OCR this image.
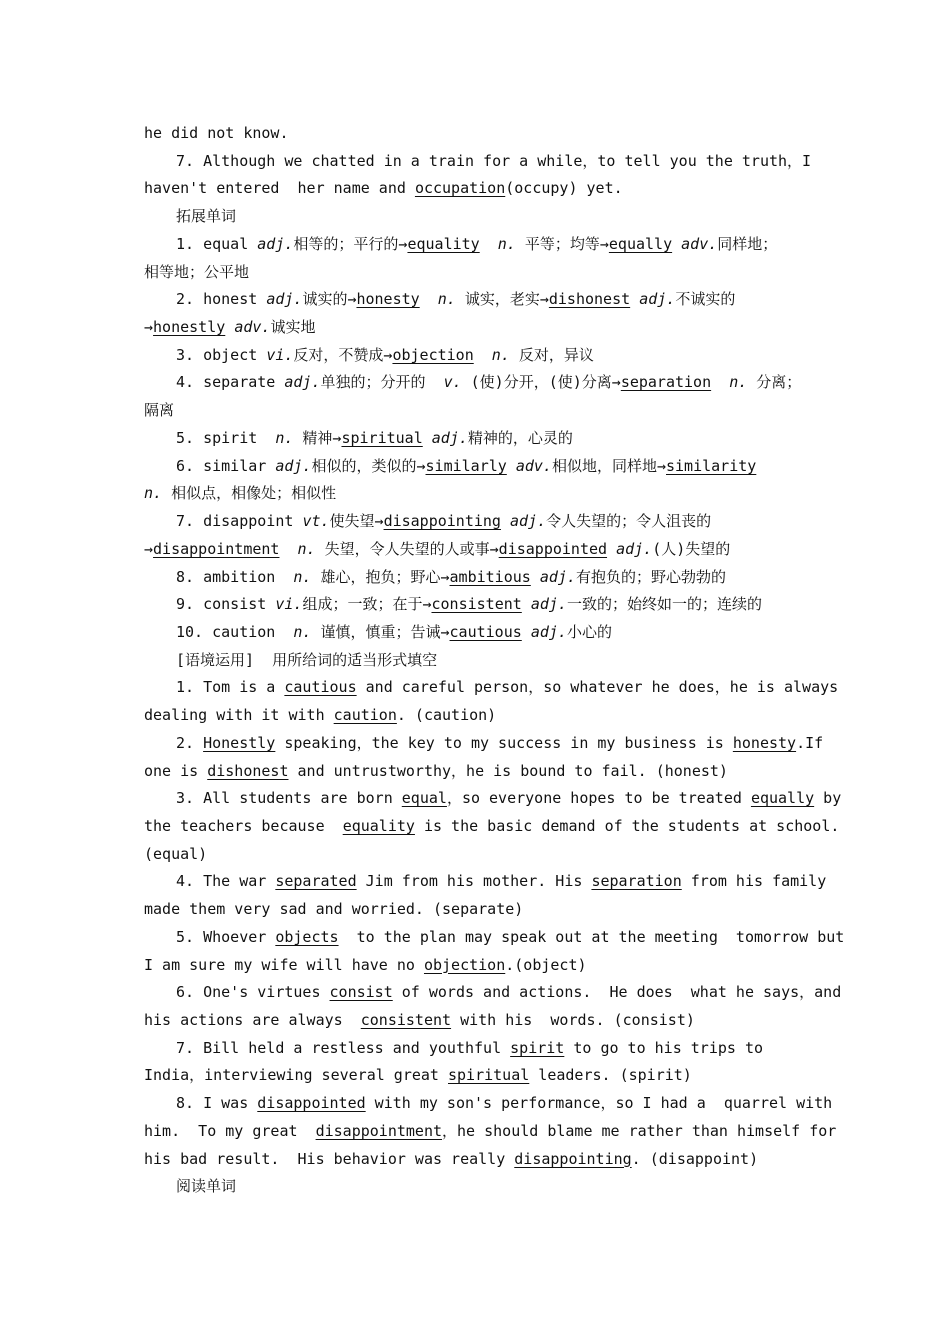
he did not know.
7. Although we chatted in a train for a while，to tell you the truth，I
haven't entered  her name and occupation(occupy) yet.
拓展单词
1. equal adj.相等的；平行的→equality n. 平等；均等→equally adv.同样地；
相等地；公平地
2. honest adj.诚实的→honesty n. 诚实，老实→dishonest adj.不诚实的
→honestly adv.诚实地
3. object vi.反对，不赞成→objection n. 反对，异议
4. separate adj.单独的；分开的  v. (使)分开，(使)分离→separation n. 分离；
隔离
5. spirit  n. 精神→spiritual adj.精神的，心灵的
6. similar adj.相似的，类似的→similarly adv.相似地，同样地→similarity
n. 相似点，相像处；相似性
7. disappoint vt.使失望→disappointing adj.令人失望的；令人沮丧的
→disappointment n. 失望，令人失望的人或事→disappointed adj.(人)失望的
8. ambition  n. 雄心，抱负；野心→ambitious adj.有抱负的；野心勃勃的
9. consist vi.组成；一致；在于→consistent adj.一致的；始终如一的；连续的
10. caution  n. 谨慎，慎重；告诫→cautious adj.小心的
[语境运用]  用所给词的适当形式填空
1. Tom is a cautious and careful person，so whatever he does，he is always
dealing with it with caution. (caution)
2. Honestly speaking，the key to my success in my business is honesty.If
one is dishonest and untrustworthy，he is bound to fail. (honest)
3. All students are born equal，so everyone hopes to be treated equally by
the teachers because  equality is the basic demand of the students at school.
(equal)
4. The war separated Jim from his mother. His separation from his family
made them very sad and worried. (separate)
5. Whoever objects  to the plan may speak out at the meeting  tomorrow but
I am sure my wife will have no objection.(object)
6. One's virtues consist of words and actions.  He does  what he says，and
his actions are always  consistent with his  words. (consist)
7. Bill held a restless and youthful spirit to go to his trips to
India，interviewing several great spiritual leaders. (spirit)
8. I was disappointed with my son's performance，so I had a  quarrel with
him.  To my great  disappointment，he should blame me rather than himself for
his bad result.  His behavior was really disappointing. (disappoint)
阅读单词
